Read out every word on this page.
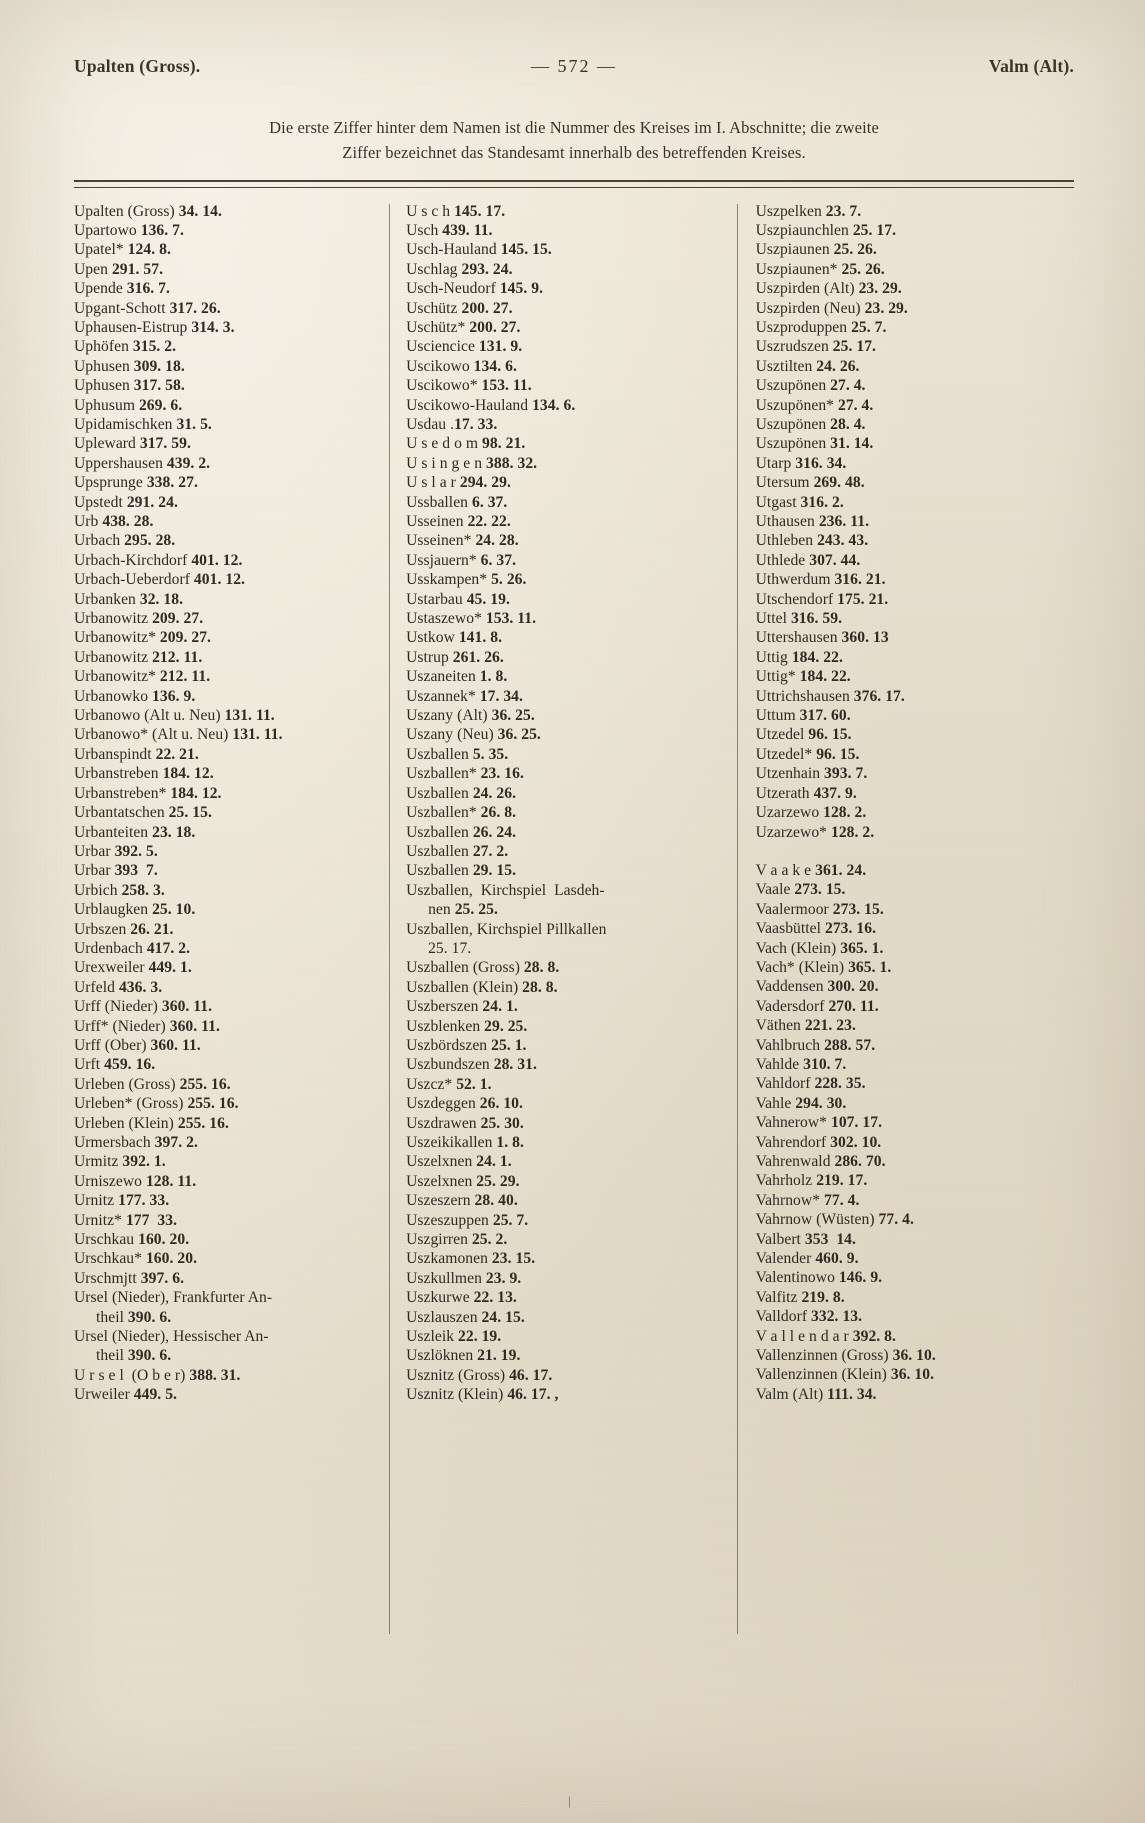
Upalten (Gross).	— 572 —	Valm (Alt).
Die erste Ziffer hinter dem Namen ist die Nummer des Kreises im I. Abschnitte; die zweite
Ziffer bezeichnet das Standesamt innerhalb des betreffenden Kreises.
Upalten (Gross) 34. 14.
Upartowo 136. 7.
Upatel* 124. 8.
Upen 291. 57.
Upende 316. 7.
Upgant-Schott 317. 26.
Uphausen-Eistrup 314. 3.
Uphöfen 315. 2.
Uphusen 309. 18.
Uphusen 317. 58.
Uphusum 269. 6.
Upidamischken 31. 5.
Upleward 317. 59.
Uppershausen 439. 2.
Upsprunge 338. 27.
Upstedt 291. 24.
Urb 438. 28.
Urbach 295. 28.
Urbach-Kirchdorf 401. 12.
Urbach-Ueberdorf 401. 12.
Urbanken 32. 18.
Urbanowitz 209. 27.
Urbanowitz* 209. 27.
Urbanowitz 212. 11.
Urbanowitz* 212. 11.
Urbanowko 136. 9.
Urbanowo (Alt u. Neu) 131. 11.
Urbanowo* (Alt u. Neu) 131. 11.
Urbanspindt 22. 21.
Urbanstreben 184. 12.
Urbanstreben* 184. 12.
Urbantatschen 25. 15.
Urbanteiten 23. 18.
Urbar 392. 5.
Urbar 393  7.
Urbich 258. 3.
Urblaugken 25. 10.
Urbszen 26. 21.
Urdenbach 417. 2.
Urexweiler 449. 1.
Urfeld 436. 3.
Urff (Nieder) 360. 11.
Urff* (Nieder) 360. 11.
Urff (Ober) 360. 11.
Urft 459. 16.
Urleben (Gross) 255. 16.
Urleben* (Gross) 255. 16.
Urleben (Klein) 255. 16.
Urmersbach 397. 2.
Urmitz 392. 1.
Urniszewo 128. 11.
Urnitz 177. 33.
Urnitz* 177  33.
Urschkau 160. 20.
Urschkau* 160. 20.
Urschmjtt 397. 6.
Ursel (Nieder), Frankfurter An-
theil 390. 6.
Ursel (Nieder), Hessischer An-
theil 390. 6.
U r s e l  (O b e r) 388. 31.
Urweiler 449. 5.
U s c h 145. 17.
Usch 439. 11.
Usch-Hauland 145. 15.
Uschlag 293. 24.
Usch-Neudorf 145. 9.
Uschütz 200. 27.
Uschütz* 200. 27.
Usciencice 131. 9.
Uscikowo 134. 6.
Uscikowo* 153. 11.
Uscikowo-Hauland 134. 6.
Usdau .17. 33.
U s e d o m 98. 21.
U s i n g e n 388. 32.
U s l a r 294. 29.
Ussballen 6. 37.
Usseinen 22. 22.
Usseinen* 24. 28.
Ussjauern* 6. 37.
Usskampen* 5. 26.
Ustarbau 45. 19.
Ustaszewo* 153. 11.
Ustkow 141. 8.
Ustrup 261. 26.
Uszaneiten 1. 8.
Uszannek* 17. 34.
Uszany (Alt) 36. 25.
Uszany (Neu) 36. 25.
Uszballen 5. 35.
Uszballen* 23. 16.
Uszballen 24. 26.
Uszballen* 26. 8.
Uszballen 26. 24.
Uszballen 27. 2.
Uszballen 29. 15.
Uszballen,  Kirchspiel  Lasdeh-
nen 25. 25.
Uszballen, Kirchspiel Pillkallen
25. 17.
Uszballen (Gross) 28. 8.
Uszballen (Klein) 28. 8.
Uszberszen 24. 1.
Uszblenken 29. 25.
Uszbördszen 25. 1.
Uszbundszen 28. 31.
Uszcz* 52. 1.
Uszdeggen 26. 10.
Uszdrawen 25. 30.
Uszeikikallen 1. 8.
Uszelxnen 24. 1.
Uszelxnen 25. 29.
Uszeszern 28. 40.
Uszeszuppen 25. 7.
Uszgirren 25. 2.
Uszkamonen 23. 15.
Uszkullmen 23. 9.
Uszkurwe 22. 13.
Uszlauszen 24. 15.
Uszleik 22. 19.
Uszlöknen 21. 19.
Usznitz (Gross) 46. 17.
Usznitz (Klein) 46. 17. ,
Uszpelken 23. 7.
Uszpiaunchlen 25. 17.
Uszpiaunen 25. 26.
Uszpiaunen* 25. 26.
Uszpirden (Alt) 23. 29.
Uszpirden (Neu) 23. 29.
Uszproduppen 25. 7.
Uszrudszen 25. 17.
Usztilten 24. 26.
Uszupönen 27. 4.
Uszupönen* 27. 4.
Uszupönen 28. 4.
Uszupönen 31. 14.
Utarp 316. 34.
Utersum 269. 48.
Utgast 316. 2.
Uthausen 236. 11.
Uthleben 243. 43.
Uthlede 307. 44.
Uthwerdum 316. 21.
Utschendorf 175. 21.
Uttel 316. 59.
Uttershausen 360. 13
Uttig 184. 22.
Uttig* 184. 22.
Uttrichshausen 376. 17.
Uttum 317. 60.
Utzedel 96. 15.
Utzedel* 96. 15.
Utzenhain 393. 7.
Utzerath 437. 9.
Uzarzewo 128. 2.
Uzarzewo* 128. 2.
V a a k e 361. 24.
Vaale 273. 15.
Vaalermoor 273. 15.
Vaasbüttel 273. 16.
Vach (Klein) 365. 1.
Vach* (Klein) 365. 1.
Vaddensen 300. 20.
Vadersdorf 270. 11.
Väthen 221. 23.
Vahlbruch 288. 57.
Vahlde 310. 7.
Vahldorf 228. 35.
Vahle 294. 30.
Vahnerow* 107. 17.
Vahrendorf 302. 10.
Vahrenwald 286. 70.
Vahrholz 219. 17.
Vahrnow* 77. 4.
Vahrnow (Wüsten) 77. 4.
Valbert 353  14.
Valender 460. 9.
Valentinowo 146. 9.
Valfitz 219. 8.
Valldorf 332. 13.
V a l l e n d a r 392. 8.
Vallenzinnen (Gross) 36. 10.
Vallenzinnen (Klein) 36. 10.
Valm (Alt) 111. 34.
|
